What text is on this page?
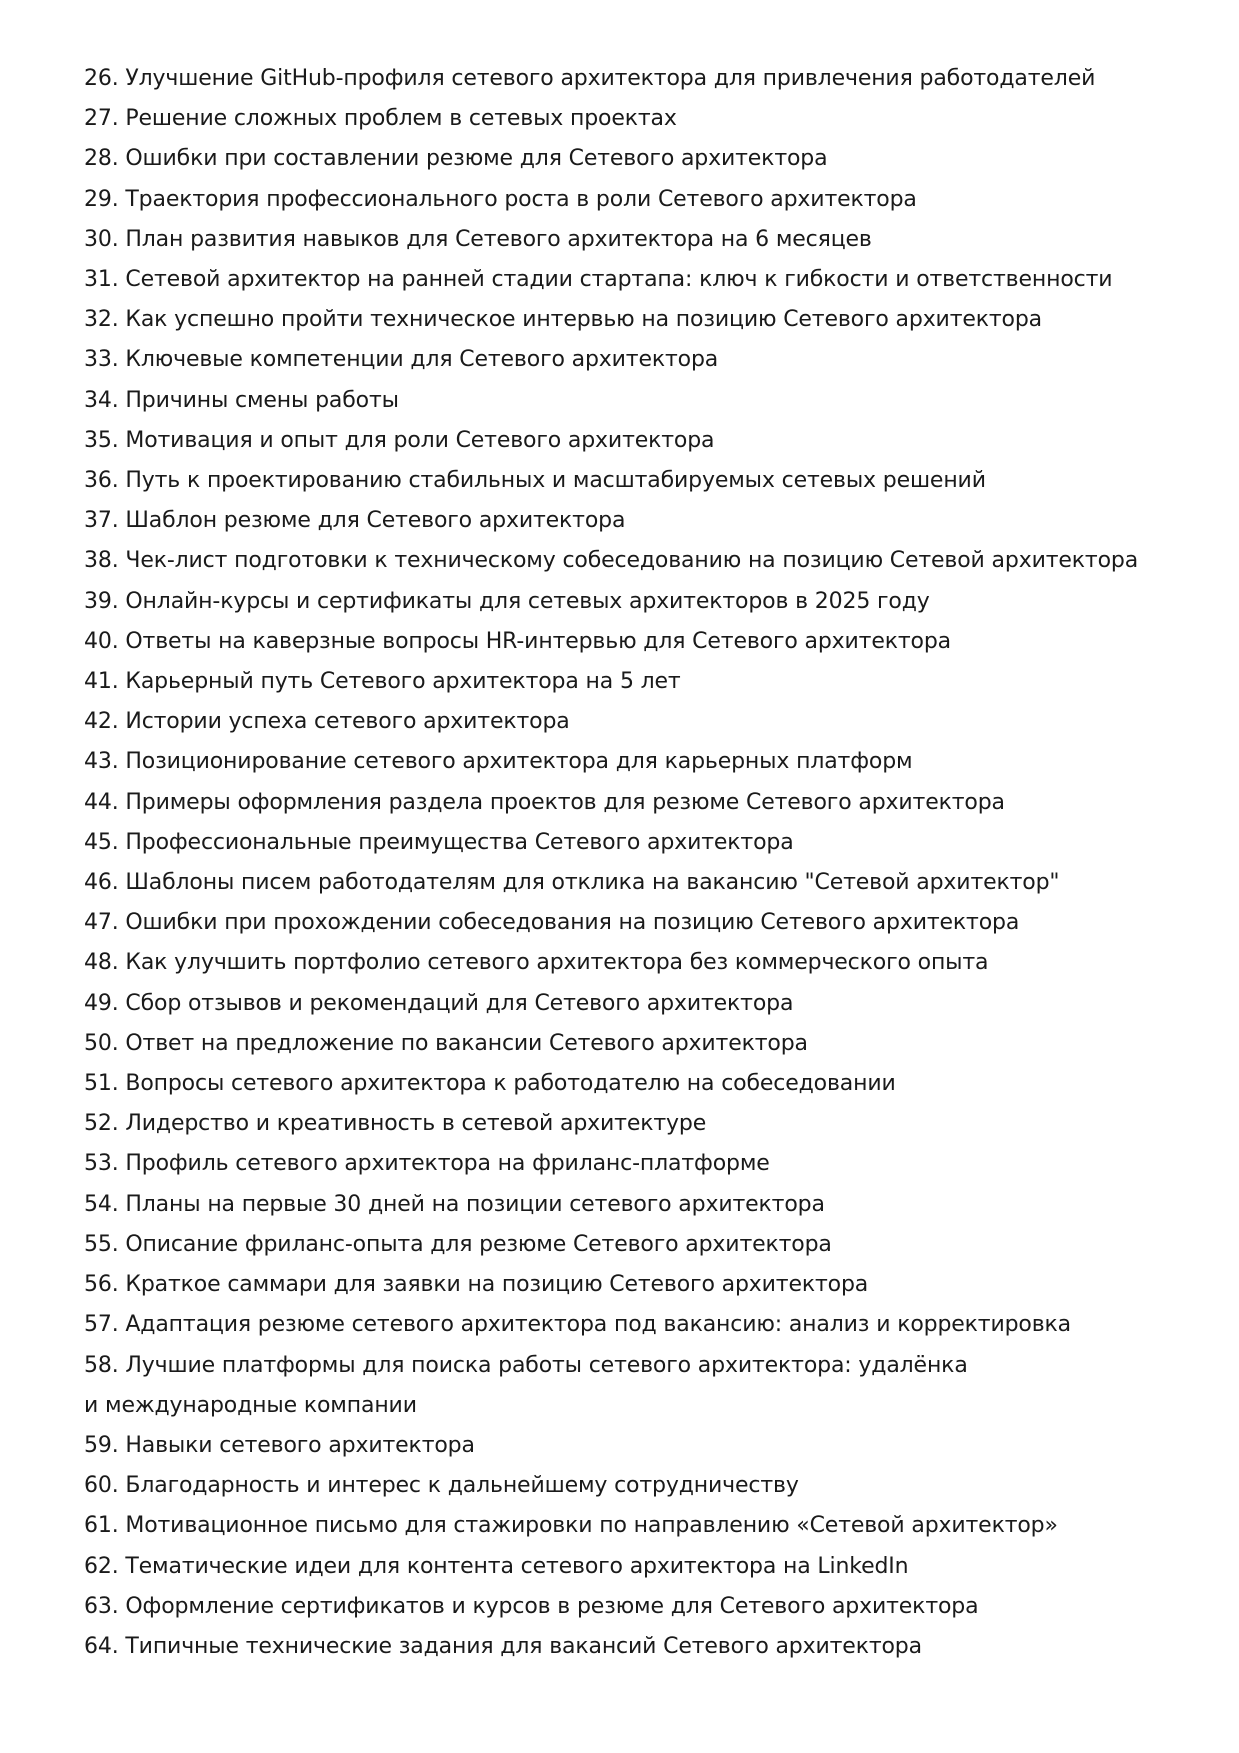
26. Улучшение GitHub-профиля сетевого архитектора для привлечения работодателей

27. Решение сложных проблем в сетевых проектах

28. Ошибки при составлении резюме для Сетевого архитектора

29. Траектория профессионального роста в роли Сетевого архитектора

30. План развития навыков для Сетевого архитектора на 6 месяцев

31. Сетевой архитектор на ранней стадии стартапа: ключ к гибкости и ответственности

32. Как успешно пройти техническое интервью на позицию Сетевого архитектора

33. Ключевые компетенции для Сетевого архитектора

34. Причины смены работы

35. Мотивация и опыт для роли Сетевого архитектора

36. Путь к проектированию стабильных и масштабируемых сетевых решений

37. Шаблон резюме для Сетевого архитектора

38. Чек-лист подготовки к техническому собеседованию на позицию Сетевой архитектора

39. Онлайн-курсы и сертификаты для сетевых архитекторов в 2025 году

40. Ответы на каверзные вопросы HR-интервью для Сетевого архитектора

41. Карьерный путь Сетевого архитектора на 5 лет

42. Истории успеха сетевого архитектора

43. Позиционирование сетевого архитектора для карьерных платформ

44. Примеры оформления раздела проектов для резюме Сетевого архитектора

45. Профессиональные преимущества Сетевого архитектора

46. Шаблоны писем работодателям для отклика на вакансию "Сетевой архитектор"

47. Ошибки при прохождении собеседования на позицию Сетевого архитектора

48. Как улучшить портфолио сетевого архитектора без коммерческого опыта

49. Сбор отзывов и рекомендаций для Сетевого архитектора

50. Ответ на предложение по вакансии Сетевого архитектора

51. Вопросы сетевого архитектора к работодателю на собеседовании

52. Лидерство и креативность в сетевой архитектуре

53. Профиль сетевого архитектора на фриланс-платформе

54. Планы на первые 30 дней на позиции сетевого архитектора

55. Описание фриланс-опыта для резюме Сетевого архитектора

56. Краткое саммари для заявки на позицию Сетевого архитектора

57. Адаптация резюме сетевого архитектора под вакансию: анализ и корректировка

58. Лучшие платформы для поиска работы сетевого архитектора: удалёнка и международные компании

59. Навыки сетевого архитектора

60. Благодарность и интерес к дальнейшему сотрудничеству

61. Мотивационное письмо для стажировки по направлению «Сетевой архитектор»

62. Тематические идеи для контента сетевого архитектора на LinkedIn

63. Оформление сертификатов и курсов в резюме для Сетевого архитектора

64. Типичные технические задания для вакансий Сетевого архитектора
